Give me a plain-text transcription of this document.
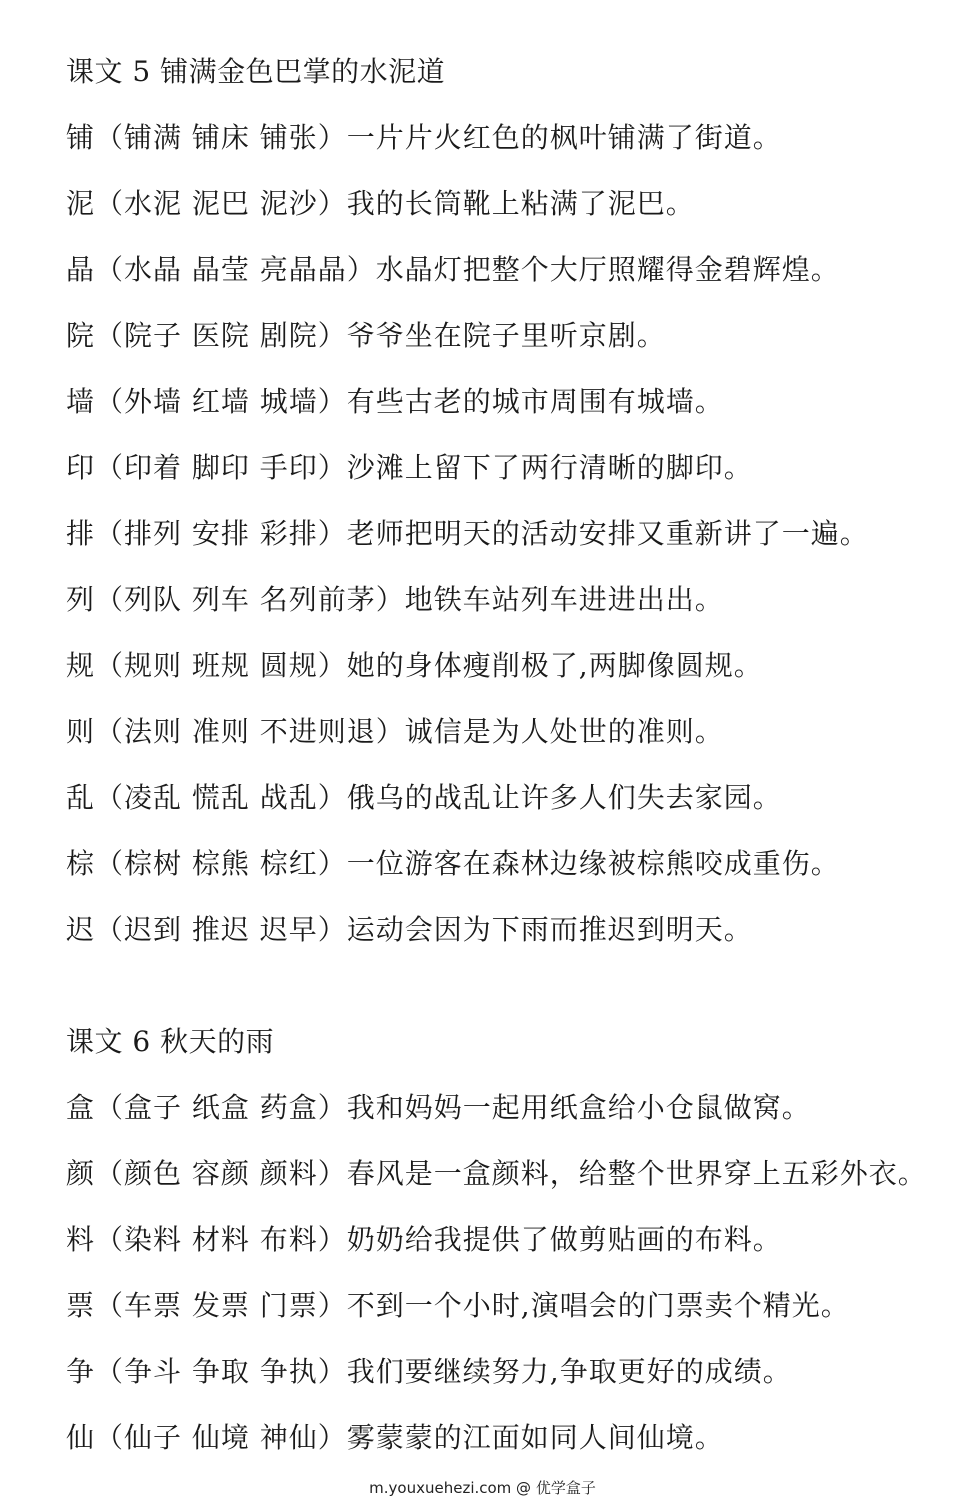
课文 5 铺满金色巴掌的水泥道
铺（铺满 铺床 铺张）一片片火红色的枫叶铺满了街道。
泥（水泥 泥巴 泥沙）我的长筒靴上粘满了泥巴。
晶（水晶 晶莹 亮晶晶）水晶灯把整个大厅照耀得金碧辉煌。
院（院子 医院 剧院）爷爷坐在院子里听京剧。
墙（外墙 红墙 城墙）有些古老的城市周围有城墙。
印（印着 脚印 手印）沙滩上留下了两行清晰的脚印。
排（排列 安排 彩排）老师把明天的活动安排又重新讲了一遍。
列（列队 列车 名列前茅）地铁车站列车进进出出。
规（规则 班规 圆规）她的身体瘦削极了,两脚像圆规。
则（法则 准则 不进则退）诚信是为人处世的准则。
乱（凌乱 慌乱 战乱）俄乌的战乱让许多人们失去家园。
棕（棕树 棕熊 棕红）一位游客在森林边缘被棕熊咬成重伤。
迟（迟到 推迟 迟早）运动会因为下雨而推迟到明天。
课文 6 秋天的雨
盒（盒子 纸盒 药盒）我和妈妈一起用纸盒给小仓鼠做窝。
颜（颜色 容颜 颜料）春风是一盒颜料，给整个世界穿上五彩外衣。
料（染料 材料 布料）奶奶给我提供了做剪贴画的布料。
票（车票 发票 门票）不到一个小时,演唱会的门票卖个精光。
争（争斗 争取 争执）我们要继续努力,争取更好的成绩。
仙（仙子 仙境 神仙）雾蒙蒙的江面如同人间仙境。
m.youxuehezi.com @ 优学盒子
